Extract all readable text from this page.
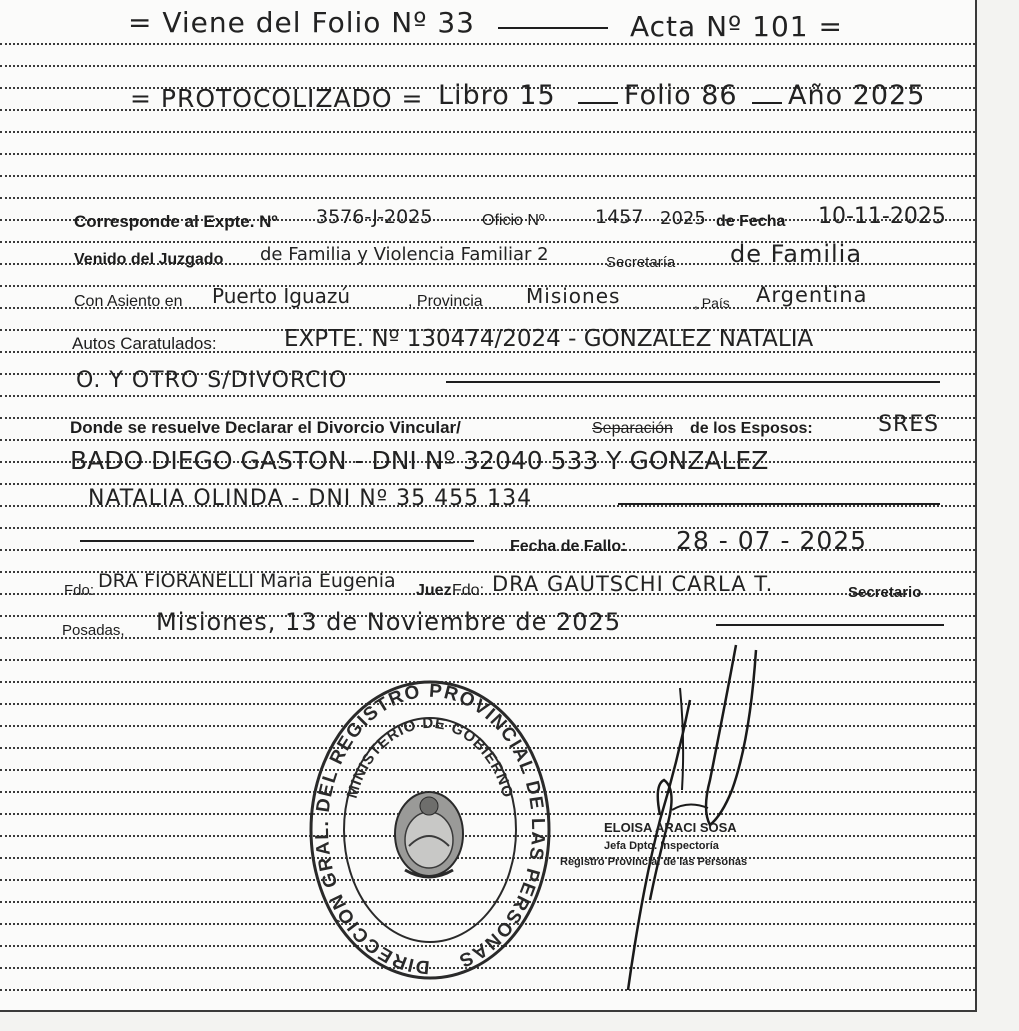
= Viene del Folio Nº 33	Acta Nº 101 =
= PROTOCOLIZADO = Libro 15	Folio 86 Año 2025
Corresponde al Expte. Nº 3576-J-2025	Oficio Nº	1457 2025 de Fecha 10-11-2025
Venido del Juzgado de Familia y Violencia Familiar 2	Secretaría de Familia
Con Asiento en Puerto Iguazú	, Provincia Misiones	, País Argentina
Autos Caratulados:	EXPTE. Nº 130474/2024 - GONZALEZ NATALIA
O. Y OTRO S/DIVORCIO
Donde se resuelve Declarar el Divorcio Vincular/	Separación de los Esposos:	SRES
BADO DIEGO GASTON - DNI Nº 32040 533 Y GONZALEZ
NATALIA OLINDA - DNI Nº 35 455 134
Fecha de Fallo: 28 - 07 - 2025
Fdo: DRA FIORANELLI Maria Eugenia Juez Fdo: DRA GAUTSCHI CARLA T.	Secretario
Posadas, Misiones, 13 de Noviembre de 2025
DIRECCIÓN GRAL. DEL REGISTRO PROVINCIAL DE LAS PERSONAS
MINISTERIO DE GOBIERNO
ELOISA ARACI SOSA
Jefa Dpto. Inspectoría
Registro Provincial de las Personas
